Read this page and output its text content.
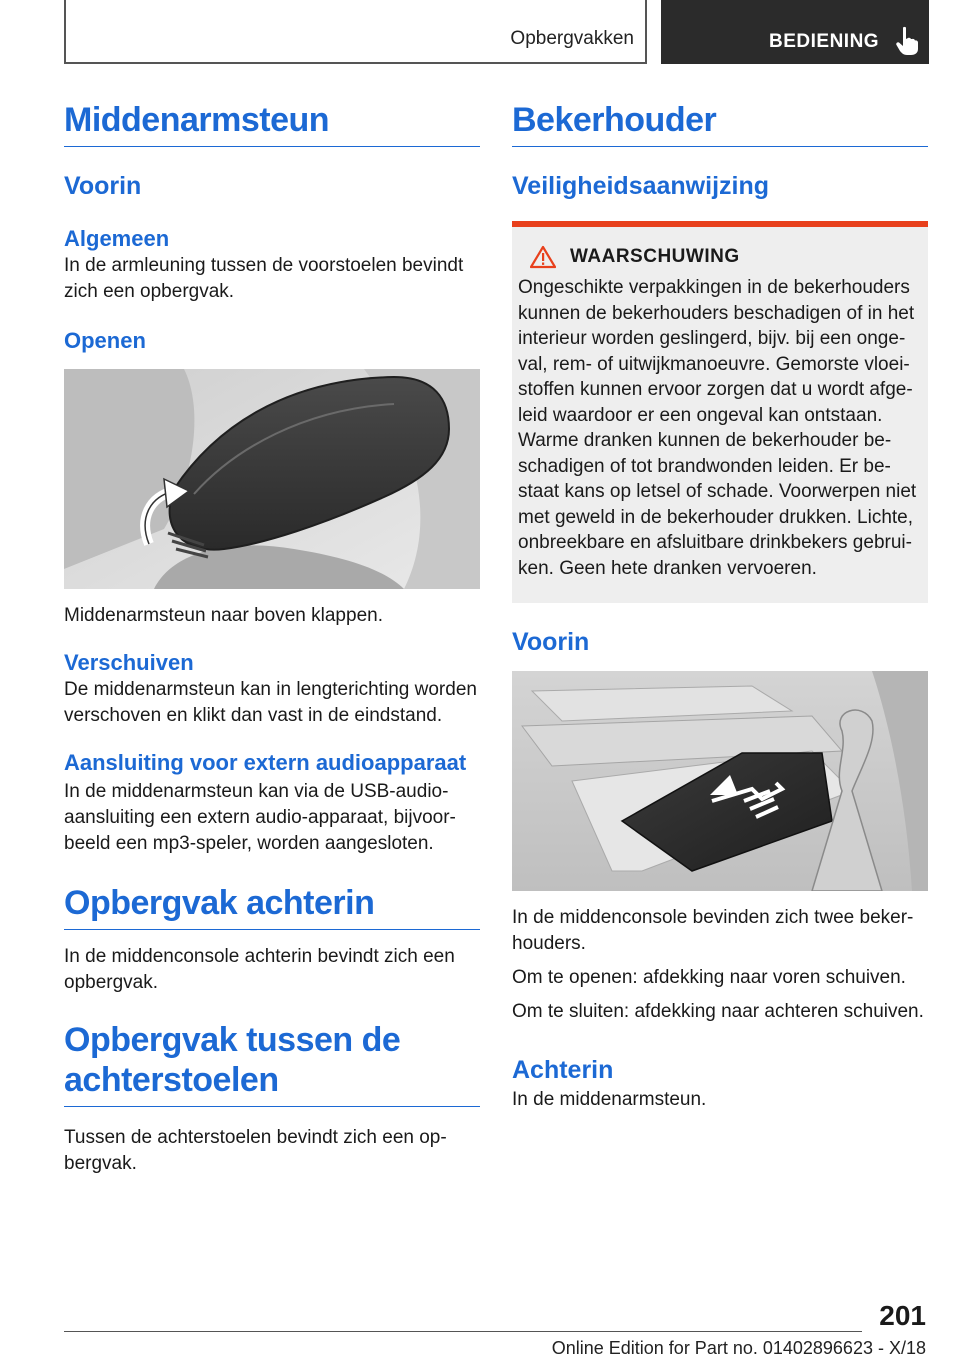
Opbergvakken	BEDIENING
Middenarmsteun
Voorin
Algemeen

In de armleuning tussen de voorstoelen bevindt zich een opbergvak.

Openen

Middenarmsteun naar boven klappen.

Verschuiven

De middenarmsteun kan in lengterichting worden verschoven en klikt dan vast in de eindstand.

Aansluiting voor extern audioapparaat

In de middenarmsteun kan via de USB-audioaansluiting een extern audio-apparaat, bijvoorbeeld een mp3-speler, worden aangesloten.

Opbergvak achterin

In de middenconsole achterin bevindt zich een opbergvak.

Opbergvak tussen de achterstoelen

Tussen de achterstoelen bevindt zich een opbergvak.

Bekerhouder
Veiligheidsaanwijzing
WAARSCHUWING

Ongeschikte verpakkingen in de bekerhouders kunnen de bekerhouders beschadigen of in het interieur worden geslingerd, bijv. bij een ongeval, rem- of uitwijkmanoeuvre. Gemorste vloeistoffen kunnen ervoor zorgen dat u wordt afgeleid waardoor er een ongeval kan ontstaan. Warme dranken kunnen de bekerhouder beschadigen of tot brandwonden leiden. Er bestaat kans op letsel of schade. Voorwerpen niet met geweld in de bekerhouder drukken. Lichte, onbreekbare en afsluitbare drinkbekers gebruiken. Geen hete dranken vervoeren.

Voorin

In de middenconsole bevinden zich twee bekerhouders.

Om te openen: afdekking naar voren schuiven.

Om te sluiten: afdekking naar achteren schuiven.

Achterin

In de middenarmsteun.

201
Online Edition for Part no. 01402896623 - X/18
